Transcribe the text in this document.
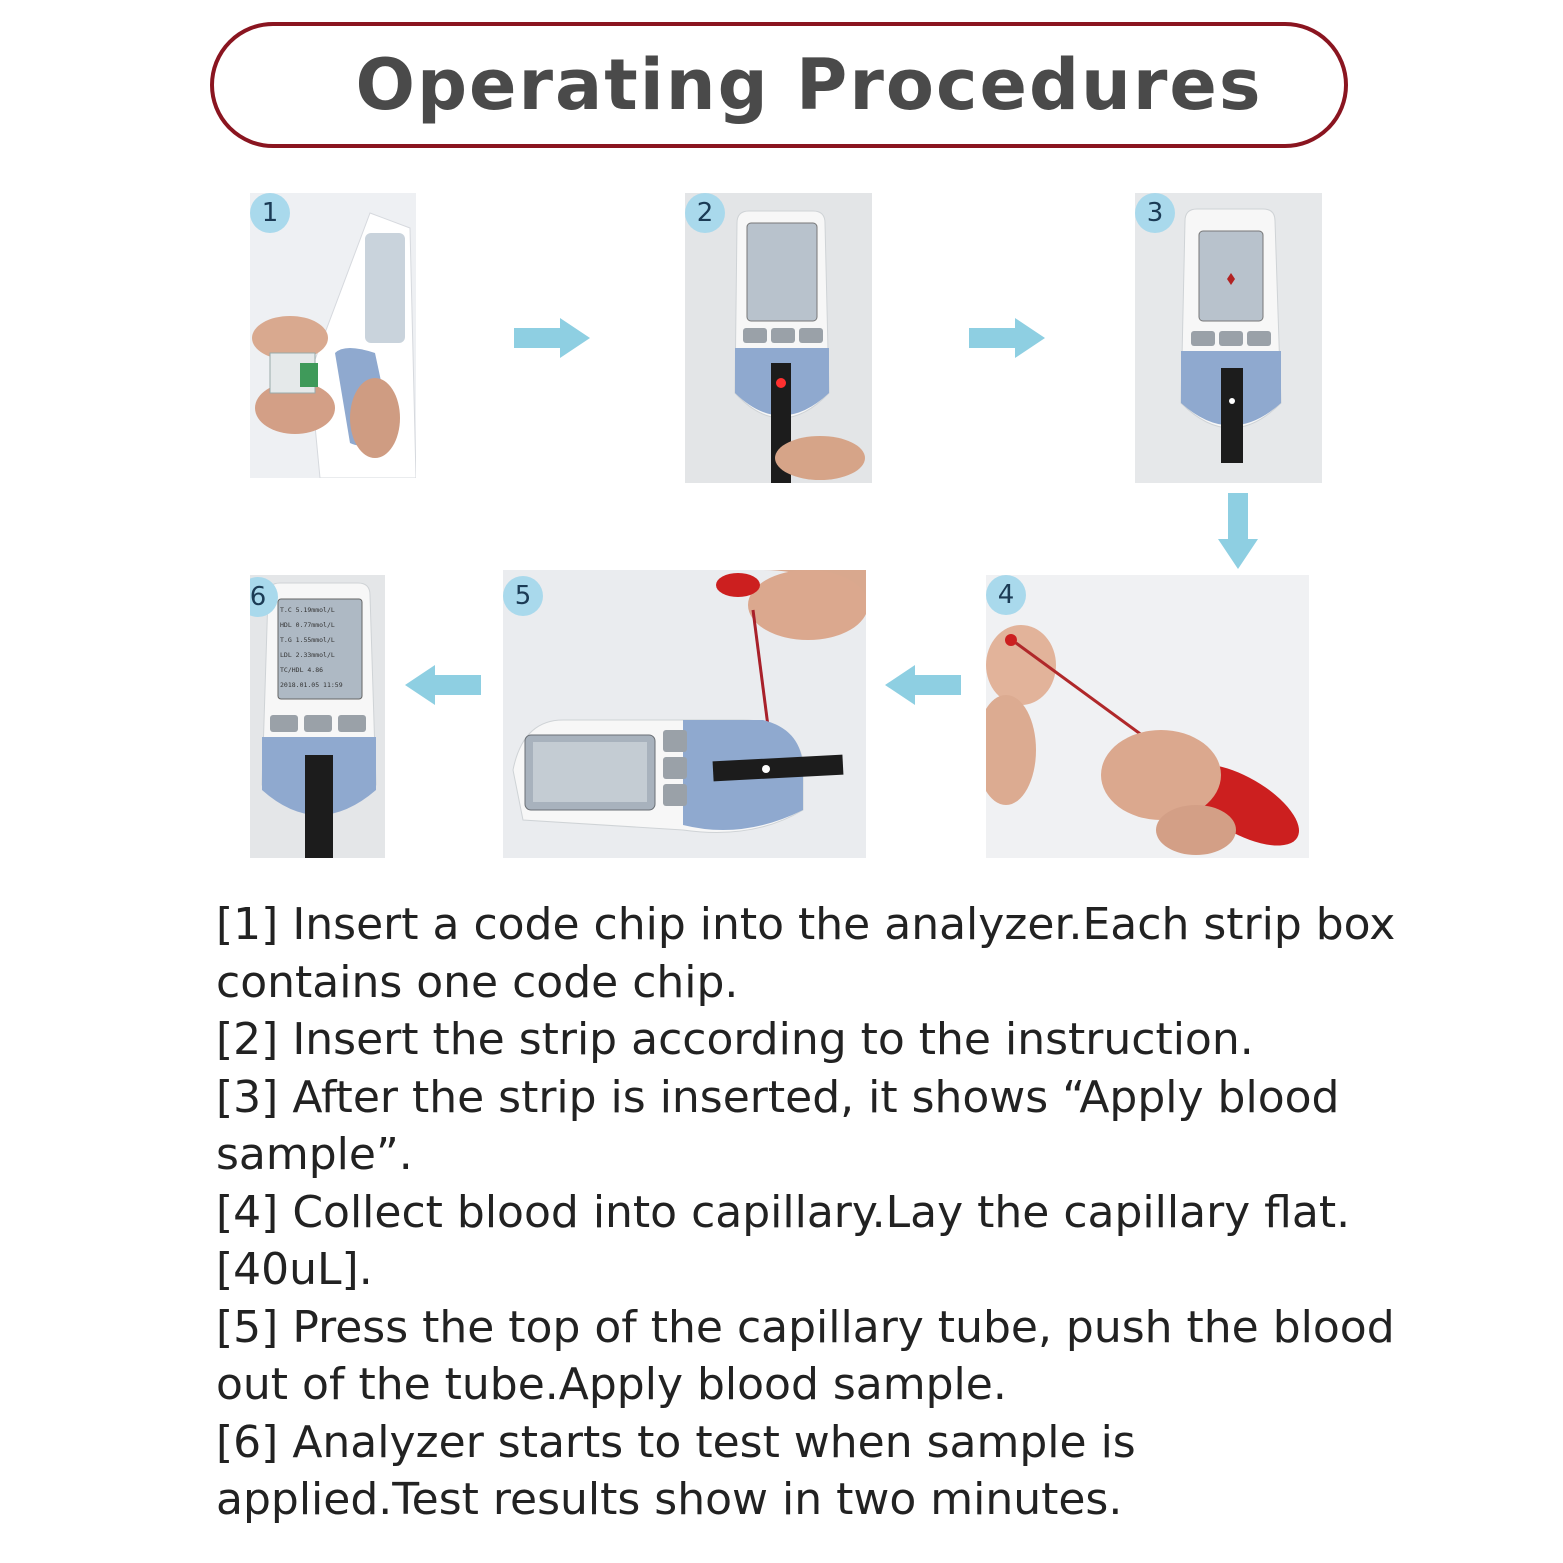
Operating Procedures
1	2	3
4
5
T.C 5.19mmol/L
HDL 0.77mmol/L
T.G 1.55mmol/L
LDL 2.33mmol/L
TC/HDL 4.86
2018.01.05 11:59
6

[1] Insert a code chip into the analyzer.Each strip box contains one code chip.

[2] Insert the strip according to the instruction.

[3] After the strip is inserted, it shows “Apply blood sample”.

[4] Collect blood into capillary.Lay the capillary flat.[40uL].

[5] Press the top of the capillary tube, push the blood out of the tube.Apply blood sample.

[6] Analyzer starts to test when sample is applied.Test results show in two minutes.
